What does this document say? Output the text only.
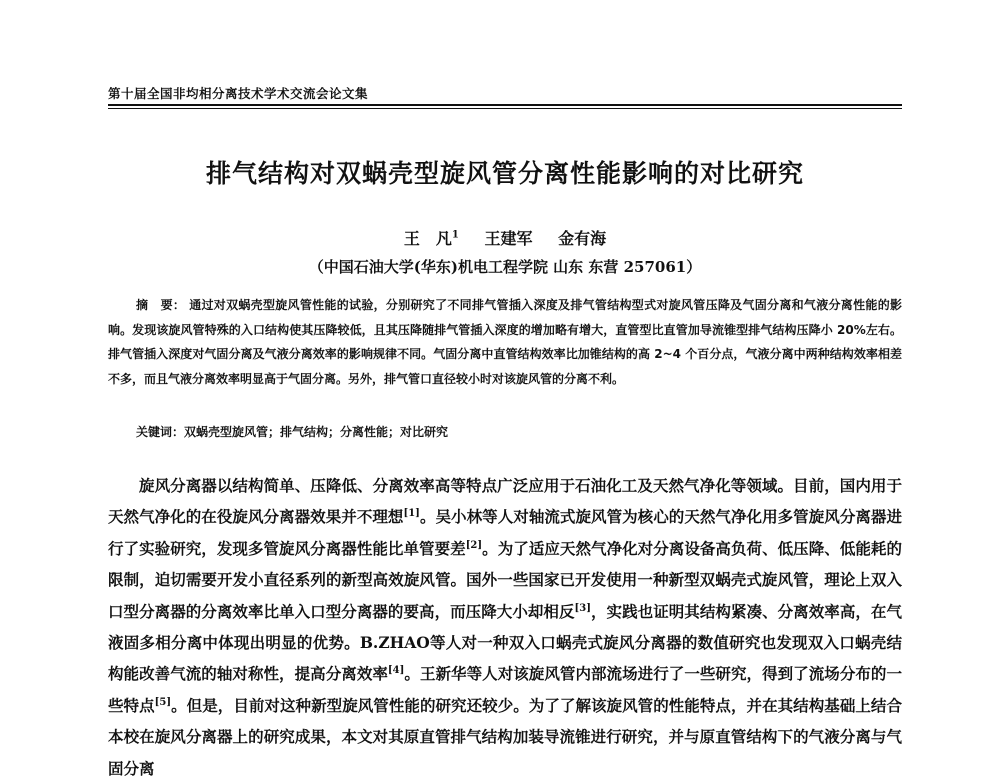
第十届全国非均相分离技术学术交流会论文集
排气结构对双蜗壳型旋风管分离性能影响的对比研究
王　凡$^1$ 王建军 金有海
（中国石油大学(华东)机电工程学院 山东 东营 257061）
摘　要： 通过对双蜗壳型旋风管性能的试验，分别研究了不同排气管插入深度及排气管结构型式对旋风管压降及气固分离和气液分离性能的影响。发现该旋风管特殊的入口结构使其压降较低，且其压降随排气管插入深度的增加略有增大，直管型比直管加导流锥型排气结构压降小 20%左右。排气管插入深度对气固分离及气液分离效率的影响规律不同。气固分离中直管结构效率比加锥结构的高 2~4 个百分点，气液分离中两种结构效率相差不多，而且气液分离效率明显高于气固分离。另外，排气管口直径较小时对该旋风管的分离不利。
关键词：双蜗壳型旋风管；排气结构；分离性能；对比研究
旋风分离器以结构简单、压降低、分离效率高等特点广泛应用于石油化工及天然气净化等领域。目前，国内用于天然气净化的在役旋风分离器效果并不理想[1]。吴小林等人对轴流式旋风管为核心的天然气净化用多管旋风分离器进行了实验研究，发现多管旋风分离器性能比单管要差[2]。为了适应天然气净化对分离设备高负荷、低压降、低能耗的限制，迫切需要开发小直径系列的新型高效旋风管。国外一些国家已开发使用一种新型双蜗壳式旋风管，理论上双入口型分离器的分离效率比单入口型分离器的要高，而压降大小却相反[3]，实践也证明其结构紧凑、分离效率高，在气液固多相分离中体现出明显的优势。B.ZHAO等人对一种双入口蜗壳式旋风分离器的数值研究也发现双入口蜗壳结构能改善气流的轴对称性，提高分离效率[4]。王新华等人对该旋风管内部流场进行了一些研究，得到了流场分布的一些特点[5]。但是，目前对这种新型旋风管性能的研究还较少。为了了解该旋风管的性能特点，并在其结构基础上结合本校在旋风分离器上的研究成果，本文对其原直管排气结构加装导流锥进行研究，并与原直管结构下的气液分离与气固分离
